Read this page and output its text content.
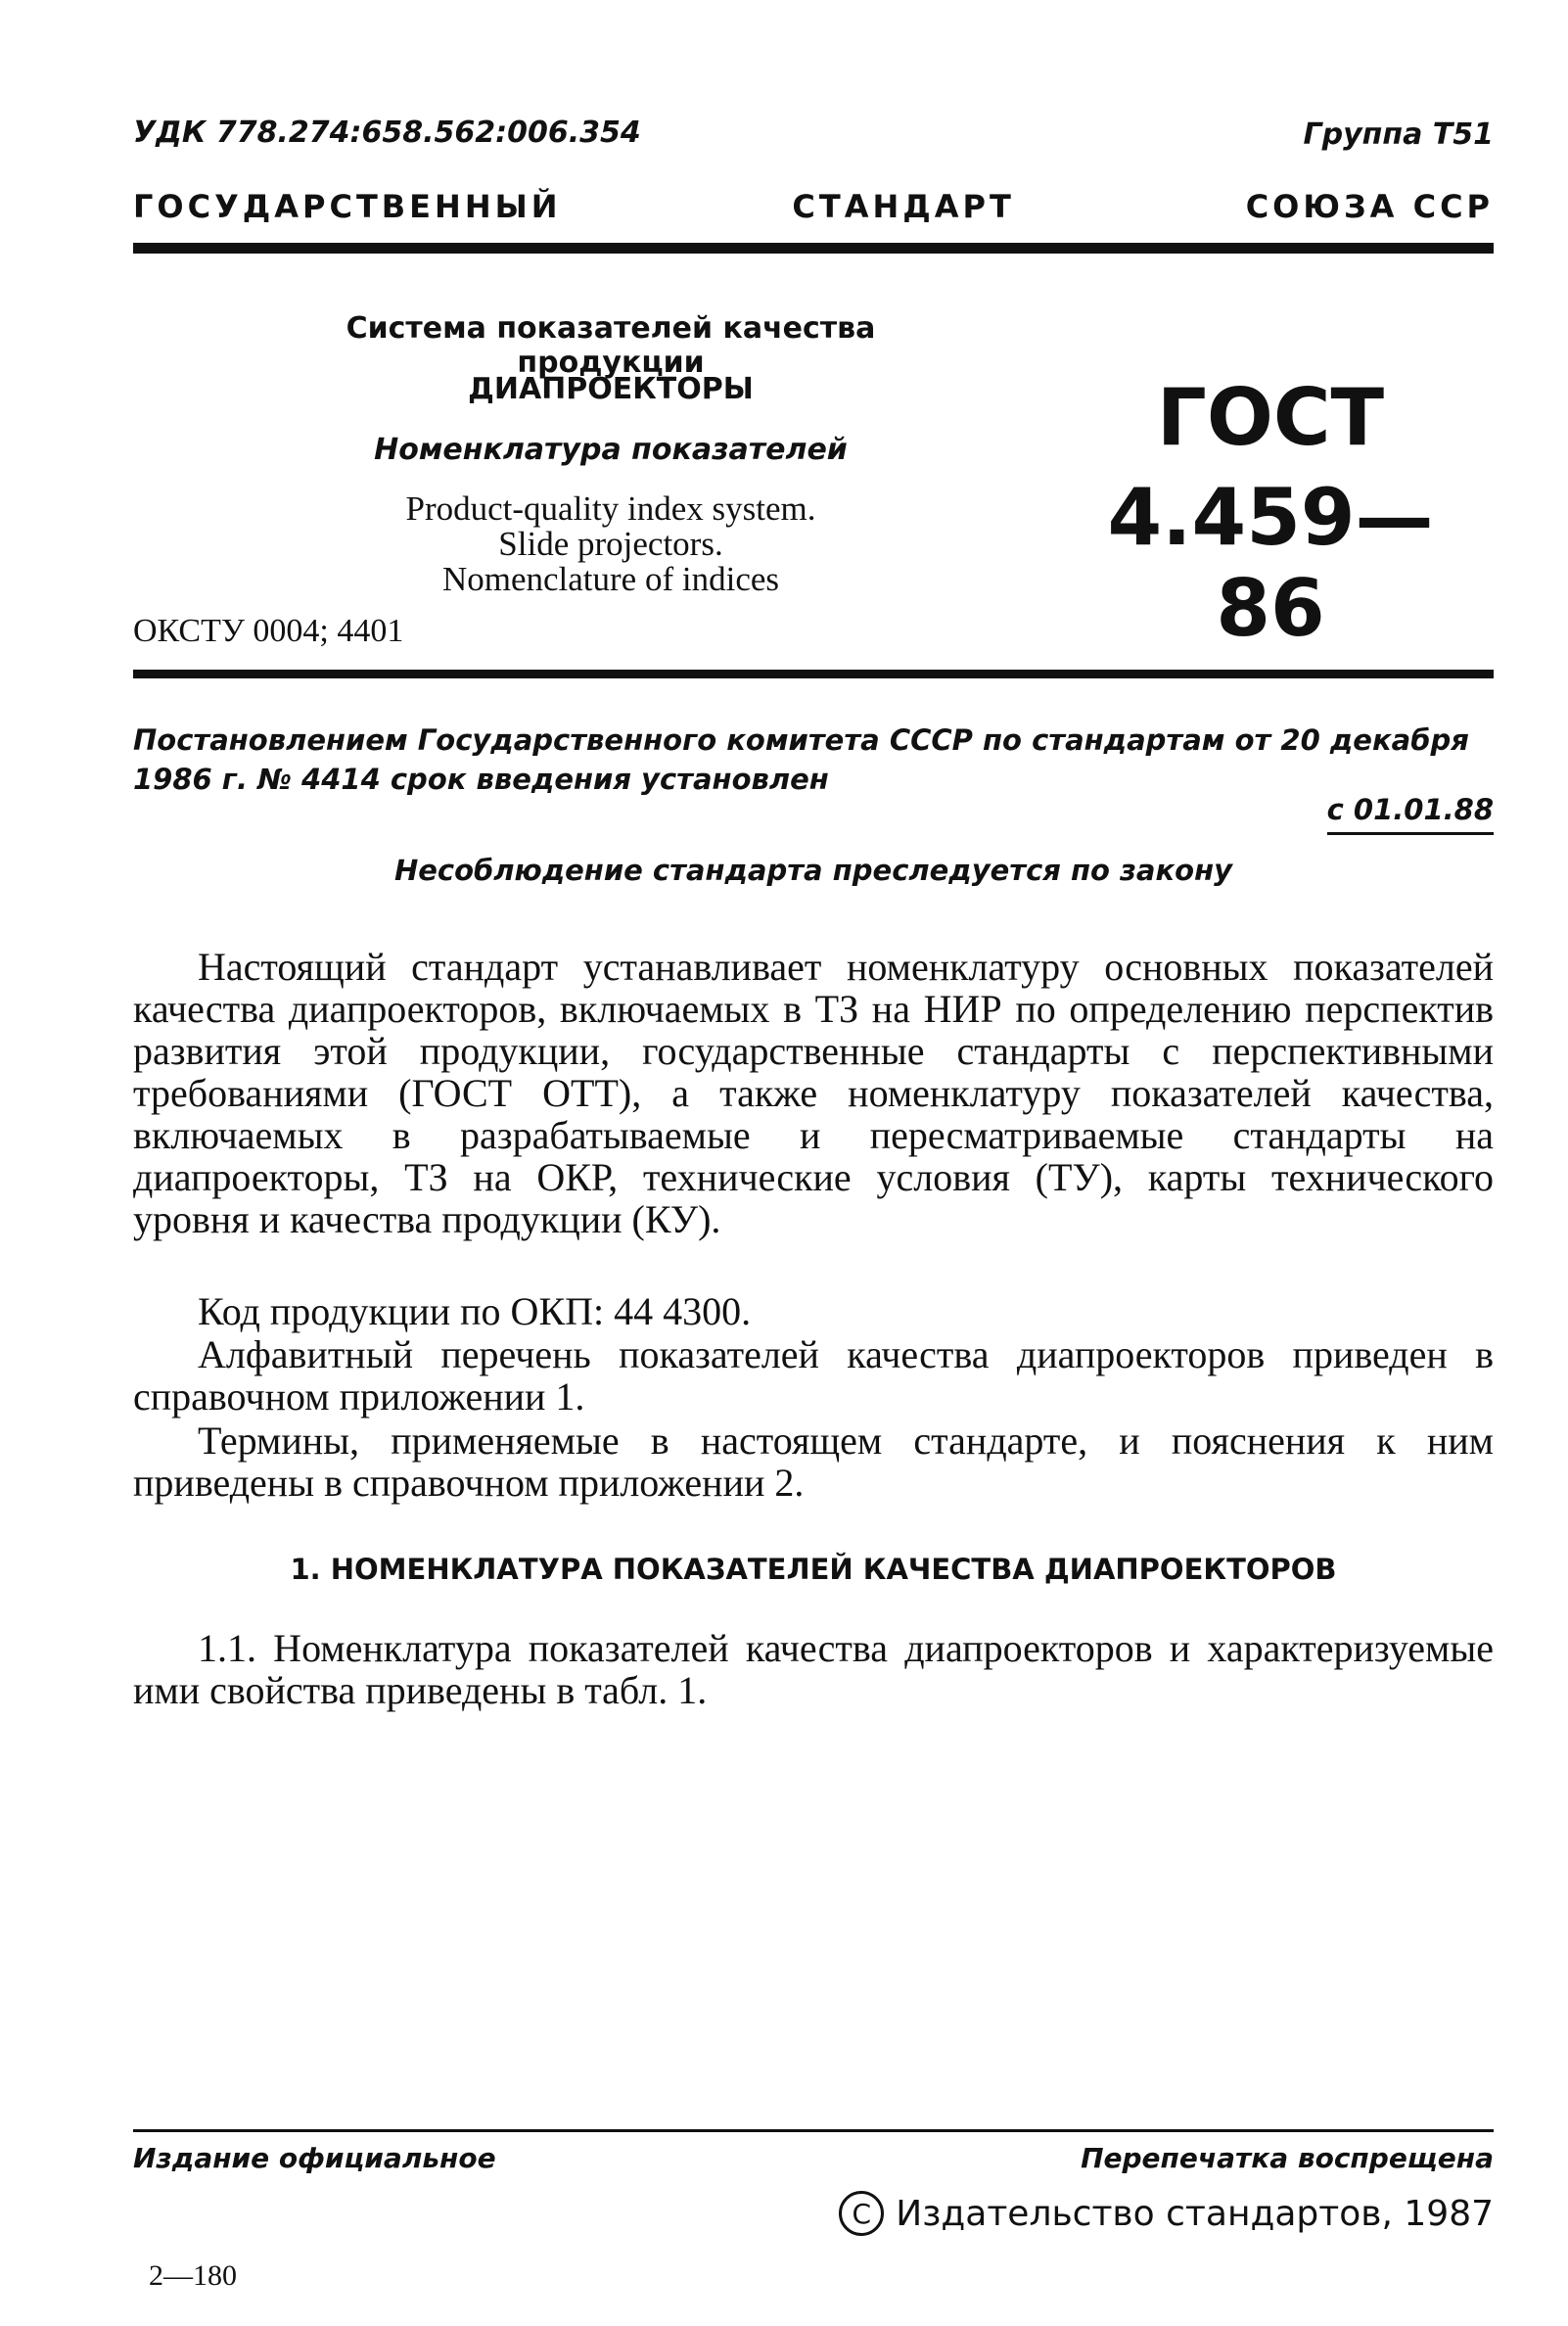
УДК 778.274:658.562:006.354	Группа Т51
ГОСУДАРСТВЕННЫЙ	СТАНДАРТ	СОЮЗА ССР
Система показателей качества продукции
ДИАПРОЕКТОРЫ
Номенклатура показателей
Product-quality index system.
Slide projectors.
Nomenclature of indices
ОКСТУ 0004; 4401
ГОСТ
4.459—86
Постановлением Государственного комитета СССР по стандартам от 20 декабря 1986 г. № 4414 срок введения установлен
с 01.01.88
Несоблюдение стандарта преследуется по закону
Настоящий стандарт устанавливает номенклатуру основных показателей качества диапроекторов, включаемых в ТЗ на НИР по определению перспектив развития этой продукции, государственные стандарты с перспективными требованиями (ГОСТ ОТТ), а также номенклатуру показателей качества, включаемых в разрабатываемые и пересматриваемые стандарты на диапроекторы, ТЗ на ОКР, технические условия (ТУ), карты технического уровня и качества продукции (КУ).
Код продукции по ОКП: 44 4300.
Алфавитный перечень показателей качества диапроекторов приведен в справочном приложении 1.
Термины, применяемые в настоящем стандарте, и пояснения к ним приведены в справочном приложении 2.
1. НОМЕНКЛАТУРА ПОКАЗАТЕЛЕЙ КАЧЕСТВА ДИАПРОЕКТОРОВ
1.1. Номенклатура показателей качества диапроекторов и характеризуемые ими свойства приведены в табл. 1.
Издание официальное	Перепечатка воспрещена
С Издательство стандартов, 1987
2—180
